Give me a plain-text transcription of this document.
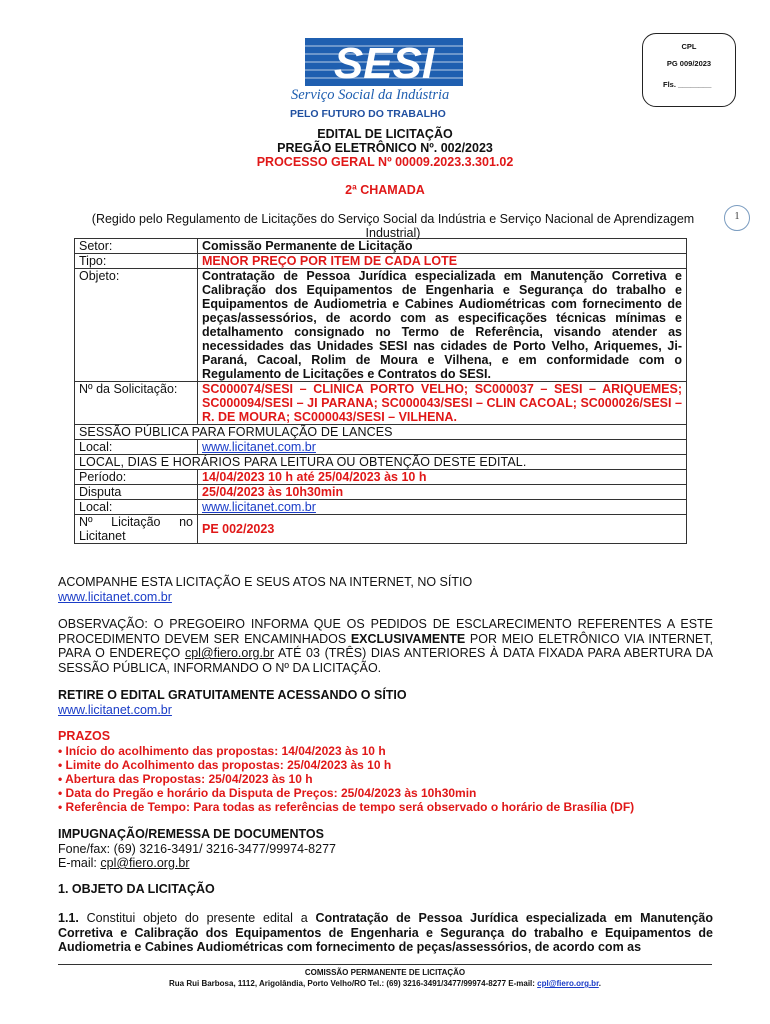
SESI
Serviço Social da Indústria
PELO FUTURO DO TRABALHO
CPL
PG 009/2023
Fls. ________
1
EDITAL DE LICITAÇÃO
PREGÃO ELETRÔNICO Nº. 002/2023
PROCESSO GERAL Nº 00009.2023.3.301.02
2ª CHAMADA
(Regido pelo Regulamento de Licitações do Serviço Social da Indústria e Serviço Nacional de Aprendizagem Industrial)
Setor:	Comissão Permanente de Licitação
Tipo:	MENOR PREÇO POR ITEM DE CADA LOTE
Objeto:	Contratação de Pessoa Jurídica especializada em Manutenção Corretiva e Calibração dos Equipamentos de Engenharia e Segurança do trabalho e Equipamentos de Audiometria e Cabines Audiométricas com fornecimento de peças/assessórios, de acordo com as especificações técnicas mínimas e detalhamento consignado no Termo de Referência, visando atender as necessidades das Unidades SESI nas cidades de Porto Velho, Ariquemes, Ji-Paraná, Cacoal, Rolim de Moura e Vilhena, e em conformidade com o Regulamento de Licitações e Contratos do SESI.
Nº da Solicitação:	SC000074/SESI – CLINICA PORTO VELHO; SC000037 – SESI – ARIQUEMES; SC000094/SESI – JI PARANA; SC000043/SESI – CLIN CACOAL; SC000026/SESI – R. DE MOURA; SC000043/SESI – VILHENA.
SESSÃO PÚBLICA PARA FORMULAÇÃO DE LANCES	
Local:	www.licitanet.com.br
LOCAL, DIAS E HORÁRIOS PARA LEITURA OU OBTENÇÃO DESTE EDITAL.	
Período:	14/04/2023 10 h até 25/04/2023 às 10 h
Disputa	25/04/2023 às 10h30min
Local:	www.licitanet.com.br
Nº Licitação no Licitanet	PE 002/2023
ACOMPANHE ESTA LICITAÇÃO E SEUS ATOS NA INTERNET, NO SÍTIO
www.licitanet.com.br
OBSERVAÇÃO: O PREGOEIRO INFORMA QUE OS PEDIDOS DE ESCLARECIMENTO REFERENTES A ESTE PROCEDIMENTO DEVEM SER ENCAMINHADOS EXCLUSIVAMENTE POR MEIO ELETRÔNICO VIA INTERNET, PARA O ENDEREÇO cpl@fiero.org.br ATÉ 03 (TRÊS) DIAS ANTERIORES À DATA FIXADA PARA ABERTURA DA SESSÃO PÚBLICA, INFORMANDO O Nº DA LICITAÇÃO.
RETIRE O EDITAL GRATUITAMENTE ACESSANDO O SÍTIO
www.licitanet.com.br
PRAZOS
• Início do acolhimento das propostas: 14/04/2023 às 10 h
• Limite do Acolhimento das propostas: 25/04/2023 às 10 h
• Abertura das Propostas: 25/04/2023 às 10 h
• Data do Pregão e horário da Disputa de Preços: 25/04/2023 às 10h30min
• Referência de Tempo: Para todas as referências de tempo será observado o horário de Brasília (DF)
IMPUGNAÇÃO/REMESSA DE DOCUMENTOS
Fone/fax: (69) 3216-3491/ 3216-3477/99974-8277
E-mail: cpl@fiero.org.br
1. OBJETO DA LICITAÇÃO
1.1. Constitui objeto do presente edital a Contratação de Pessoa Jurídica especializada em Manutenção Corretiva e Calibração dos Equipamentos de Engenharia e Segurança do trabalho e Equipamentos de Audiometria e Cabines Audiométricas com fornecimento de peças/assessórios, de acordo com as
COMISSÃO PERMANENTE DE LICITAÇÃO
Rua Rui Barbosa, 1112, Arigolândia, Porto Velho/RO Tel.: (69) 3216-3491/3477/99974-8277 E-mail: cpl@fiero.org.br.
